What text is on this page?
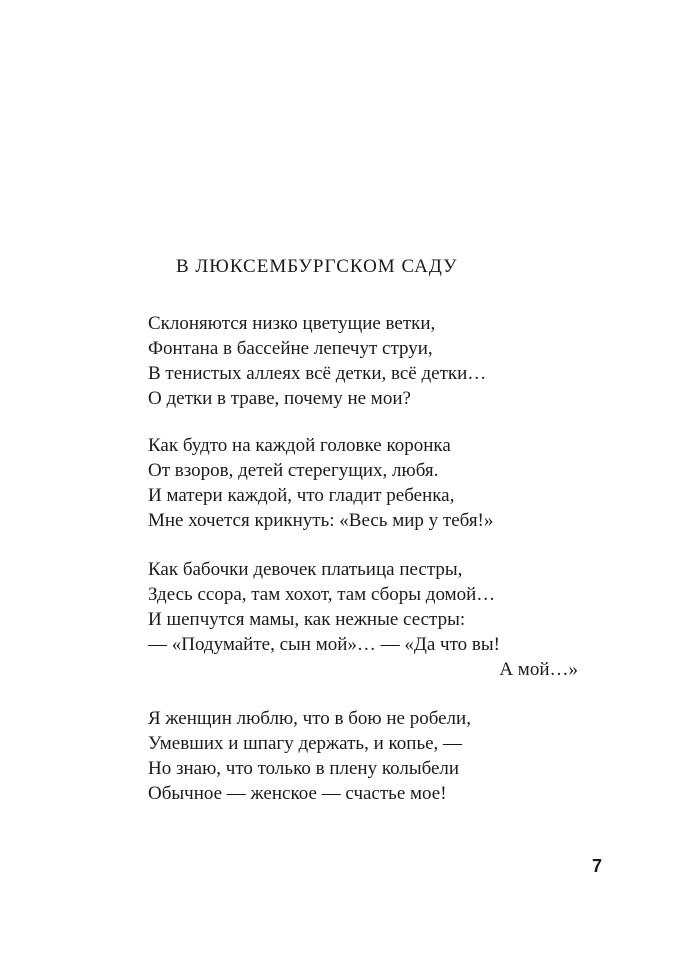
В ЛЮКСЕМБУРГСКОМ САДУ

Склоняются низко цветущие ветки,
Фонтана в бассейне лепечут струи,
В тенистых аллеях всё детки, всё детки…
О детки в траве, почему не мои?

Как будто на каждой головке коронка
От взоров, детей стерегущих, любя.
И матери каждой, что гладит ребенка,
Мне хочется крикнуть: «Весь мир у тебя!»

Как бабочки девочек платьица пестры,
Здесь ссора, там хохот, там сборы домой…
И шепчутся мамы, как нежные сестры:
— «Подумайте, сын мой»… — «Да что вы!
А мой…»

Я женщин люблю, что в бою не робели,
Умевших и шпагу держать, и копье, —
Но знаю, что только в плену колыбели
Обычное — женское — счастье мое!

7
